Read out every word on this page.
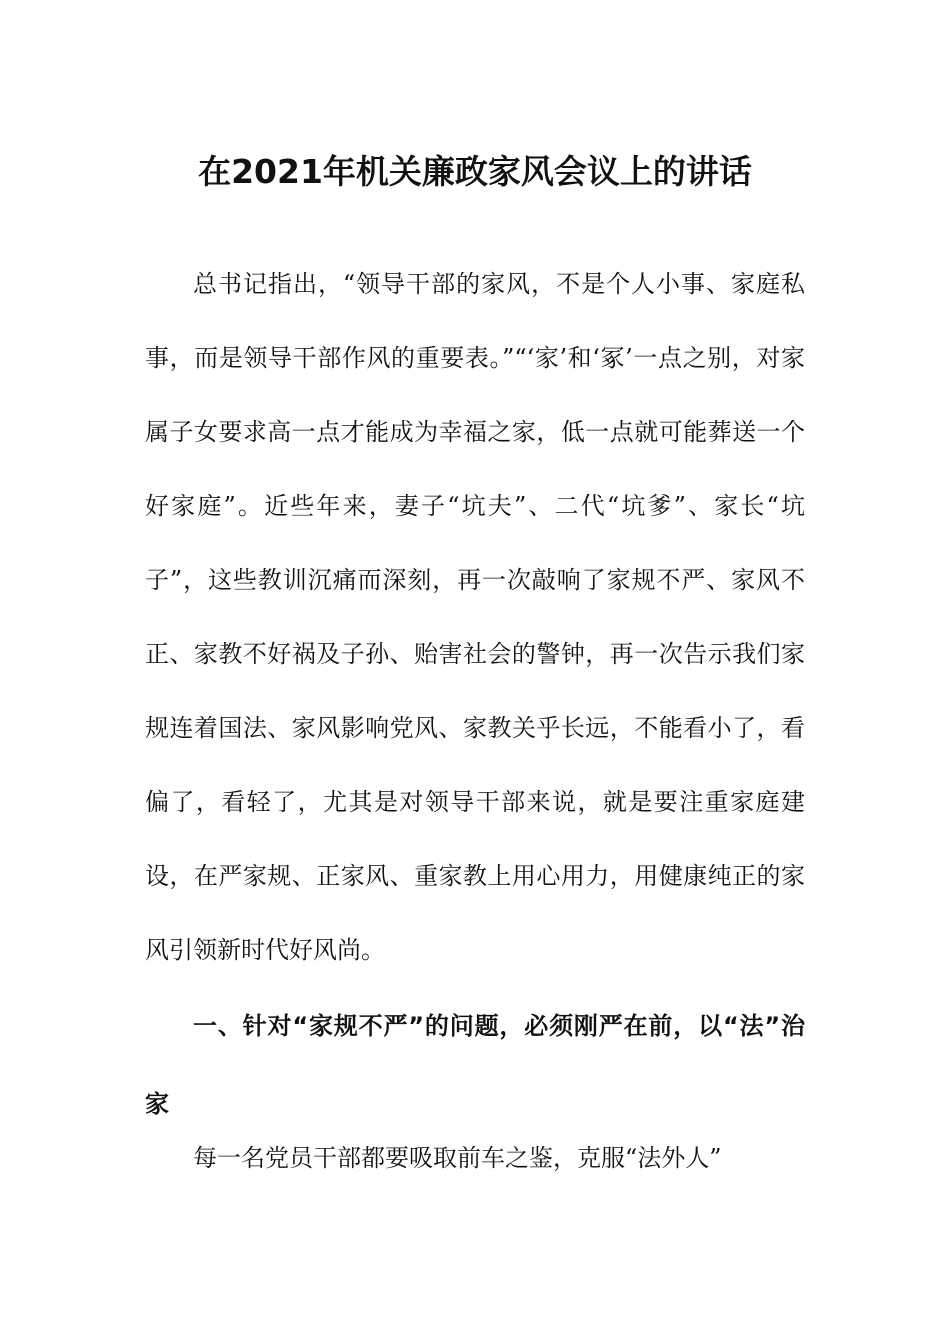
在2021年机关廉政家风会议上的讲话

总书记指出，“领导干部的家风，不是个人小事、家庭私事，而是领导干部作风的重要表。”“‘家’和‘冢’一点之别，对家属子女要求高一点才能成为幸福之家，低一点就可能葬送一个好家庭”。近些年来，妻子“坑夫”、二代“坑爹”、家长“坑子”，这些教训沉痛而深刻，再一次敲响了家规不严、家风不正、家教不好祸及子孙、贻害社会的警钟，再一次告示我们家规连着国法、家风影响党风、家教关乎长远，不能看小了，看偏了，看轻了，尤其是对领导干部来说，就是要注重家庭建设，在严家规、正家风、重家教上用心用力，用健康纯正的家风引领新时代好风尚。

一、针对“家规不严”的问题，必须刚严在前，以“法”治家

每一名党员干部都要吸取前车之鉴，克服“法外人”
